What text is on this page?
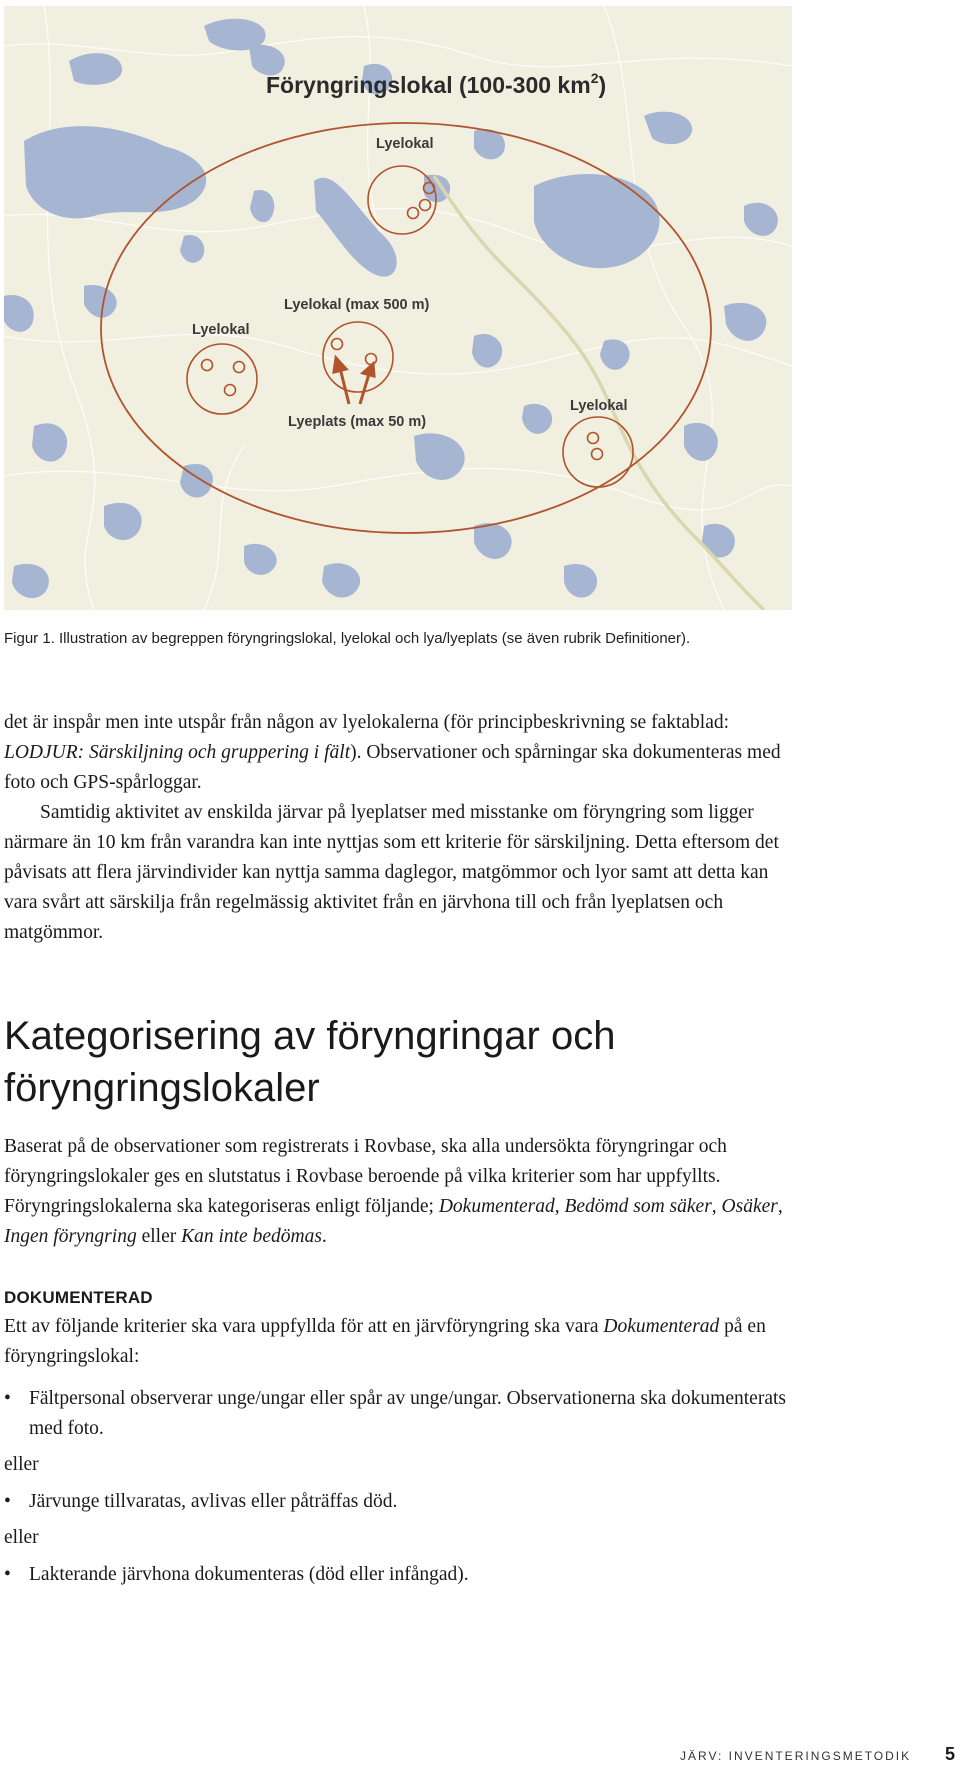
Föryngringslokal (100-300 $km^2$)
Lyelokal
Lyelokal (max 500 m)
Lyelokal
Lyeplats (max 50 m)
Lyelokal

Figur 1. Illustration av begreppen föryngringslokal, lyelokal och lya/lyeplats (se även rubrik Definitioner).

det är inspår men inte utspår från någon av lyelokalerna (för principbeskrivning se faktablad: LODJUR: Särskiljning och gruppering i fält). Observationer och spårningar ska dokumenteras med foto och GPS-spårloggar.

Samtidig aktivitet av enskilda järvar på lyeplatser med misstanke om föryngring som ligger närmare än 10 km från varandra kan inte nyttjas som ett kriterie för särskiljning. Detta eftersom det påvisats att flera järvindivider kan nyttja samma daglegor, matgömmor och lyor samt att detta kan vara svårt att särskilja från regelmässig aktivitet från en järvhona till och från lyeplatsen och matgömmor.

Kategorisering av föryngringar och föryngringslokaler

Baserat på de observationer som registrerats i Rovbase, ska alla undersökta föryngringar och föryngringslokaler ges en slutstatus i Rovbase beroende på vilka kriterier som har uppfyllts. Föryngringslokalerna ska kategoriseras enligt följande; Dokumenterad, Bedömd som säker, Osäker, Ingen föryngring eller Kan inte bedömas.

DOKUMENTERAD

Ett av följande kriterier ska vara uppfyllda för att en järvföryngring ska vara Dokumenterad på en föryngringslokal:

• Fältpersonal observerar unge/ungar eller spår av unge/ungar. Observationerna ska dokumenterats med foto.

eller

• Järvunge tillvaratas, avlivas eller påträffas död.

eller

• Lakterande järvhona dokumenteras (död eller infångad).

JÄRV: INVENTERINGSMETODIK 5
